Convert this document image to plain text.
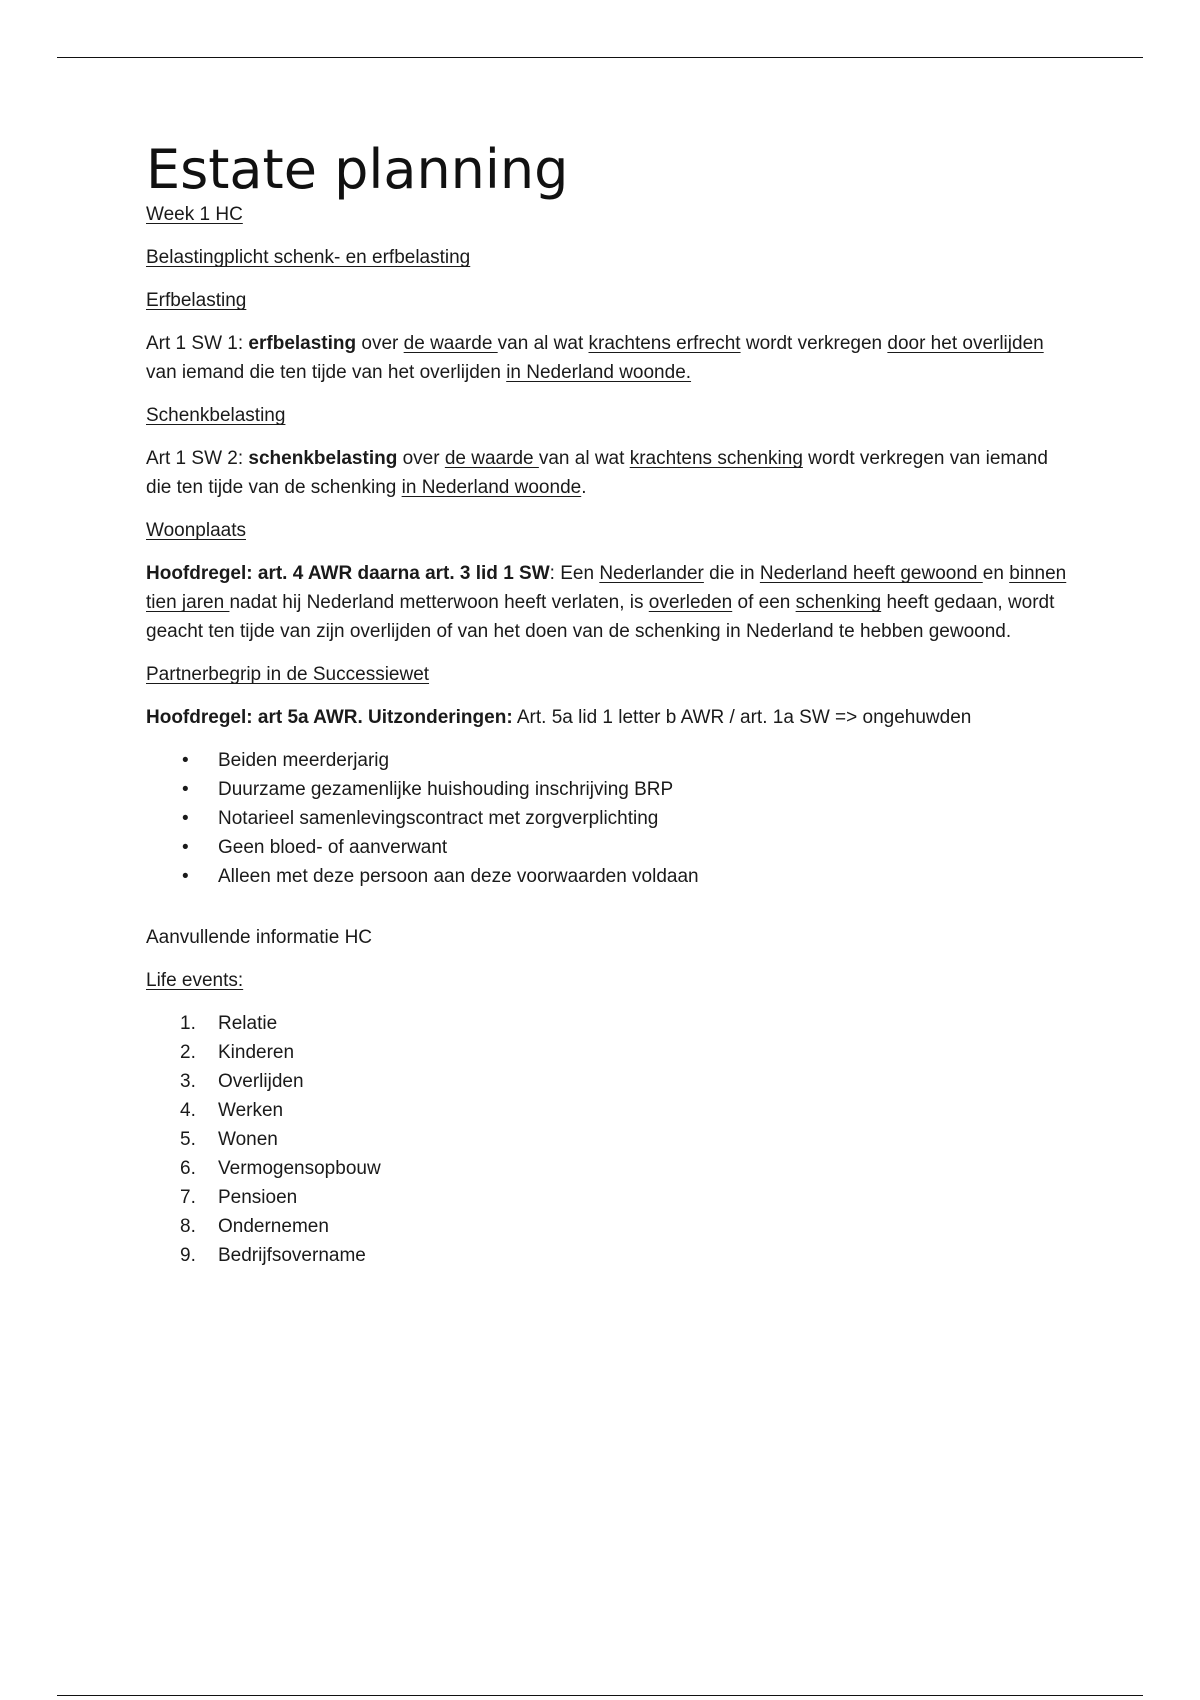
Estate planning

Week 1 HC

Belastingplicht schenk- en erfbelasting

Erfbelasting

Art 1 SW 1: erfbelasting over de waarde van al wat krachtens erfrecht wordt verkregen door het overlijden van iemand die ten tijde van het overlijden in Nederland woonde.

Schenkbelasting

Art 1 SW 2: schenkbelasting over de waarde van al wat krachtens schenking wordt verkregen van iemand die ten tijde van de schenking in Nederland woonde.

Woonplaats

Hoofdregel: art. 4 AWR daarna art. 3 lid 1 SW: Een Nederlander die in Nederland heeft gewoond en binnen tien jaren nadat hij Nederland metterwoon heeft verlaten, is overleden of een schenking heeft gedaan, wordt geacht ten tijde van zijn overlijden of van het doen van de schenking in Nederland te hebben gewoond.

Partnerbegrip in de Successiewet

Hoofdregel: art 5a AWR. Uitzonderingen: Art. 5a lid 1 letter b AWR / art. 1a SW => ongehuwden

• Beiden meerderjarig
• Duurzame gezamenlijke huishouding inschrijving BRP
• Notarieel samenlevingscontract met zorgverplichting
• Geen bloed- of aanverwant
• Alleen met deze persoon aan deze voorwaarden voldaan

Aanvullende informatie HC

Life events:

1. Relatie
2. Kinderen
3. Overlijden
4. Werken
5. Wonen
6. Vermogensopbouw
7. Pensioen
8. Ondernemen
9. Bedrijfsovername
